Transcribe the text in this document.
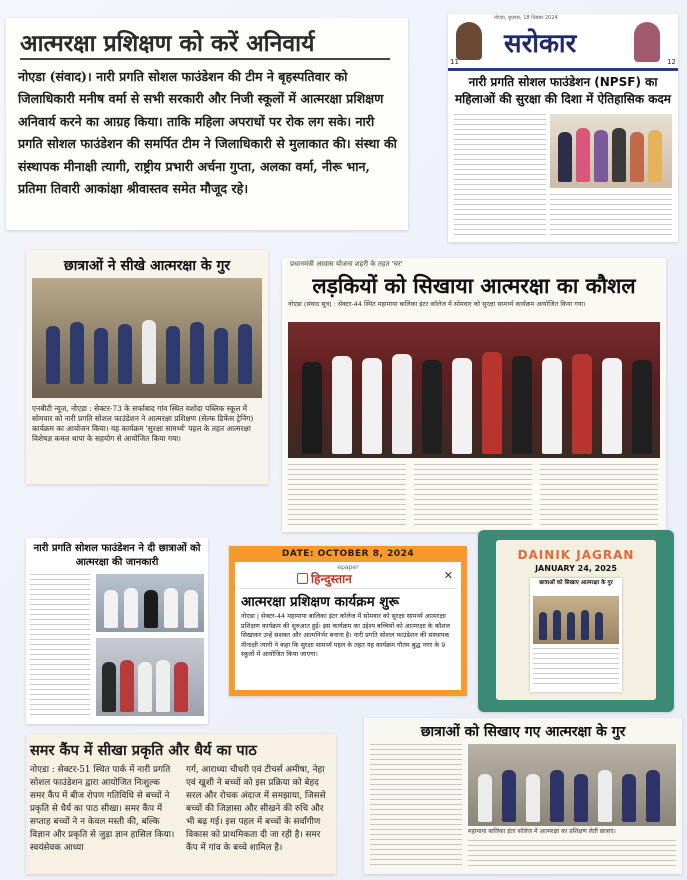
आत्मरक्षा प्रशिक्षण को करें अनिवार्य
नोएडा (संवाद)। नारी प्रगति सोशल फाउंडेशन की टीम ने बृहस्पतिवार को जिलाधिकारी मनीष वर्मा से सभी सरकारी और निजी स्कूलों में आत्मरक्षा प्रशिक्षण अनिवार्य करने का आग्रह किया। ताकि महिला अपराधों पर रोक लग सके। नारी प्रगति सोशल फाउंडेशन की समर्पित टीम ने जिलाधिकारी से मुलाकात की। संस्था की संस्थापक मीनाक्षी त्यागी, राष्ट्रीय प्रभारी अर्चना गुप्ता, अलका वर्मा, नीरू भान, प्रतिमा तिवारी आकांक्षा श्रीवास्तव समेत मौजूद रहे।
सरोकार
11	12
नोएडा, बुधवार, 18 दिसंबर 2024
नारी प्रगति सोशल फाउंडेशन (NPSF) का महिलाओं की सुरक्षा की दिशा में ऐतिहासिक कदम
छात्राओं ने सीखे आत्मरक्षा के गुर
एनबीटी न्यूज, नोएडा : सेक्टर-73 के सर्फाबाद गांव स्थित यशोदा पब्लिक स्कूल में सोमवार को नारी प्रगति सोशल फाउंडेशन ने आत्मरक्षा प्रशिक्षण (सेल्फ डिफेंस ट्रेनिंग) कार्यक्रम का आयोजन किया। यह कार्यक्रम 'सुरक्षा सामर्थ्य' पहल के तहत आत्मरक्षा विशेषज्ञ कमल थापा के सहयोग से आयोजित किया गया।
प्रधानमंत्री आवास योजना शहरी के तहत 'घर'
लड़कियों को सिखाया आत्मरक्षा का कौशल
नोएडा (संवाद सूत्र) : सेक्टर-44 स्थित महामाया बालिका इंटर कॉलेज में सोमवार को सुरक्षा सामर्थ्य कार्यक्रम आयोजित किया गया।
नारी प्रगति सोशल फाउंडेशन ने दी छात्राओं को आत्मरक्षा की जानकारी
DATE: OCTOBER 8, 2024
epaper
हिन्दुस्तान	✕
आत्मरक्षा प्रशिक्षण कार्यक्रम शुरू
नोएडा | सेक्टर-44 महामाया बालिका इंटर कॉलेज में सोमवार को सुरक्षा सामर्थ्य आत्मरक्षा प्रशिक्षण कार्यक्रम की शुरुआत हुई। इस कार्यक्रम का उद्देश्य बच्चियों को आत्मरक्षा के कौशल सिखाकर उन्हें सशक्त और आत्मनिर्भर बनाना है। नारी प्रगति सोशल फाउंडेशन की संस्थापक मीनाक्षी त्यागी ने कहा कि सुरक्षा सामर्थ्य पहल के तहत यह कार्यक्रम गौतम बुद्ध नगर के 9 स्कूलों में आयोजित किया जाएगा।
DAINIK JAGRAN
JANUARY 24, 2025
छात्राओं को सिखाए आत्मरक्षा के गुर
समर कैंप में सीखा प्रकृति और धैर्य का पाठ
नोएडा : सेक्टर-51 स्थित पार्क में नारी प्रगति सोशल फाउंडेशन द्वारा आयोजित निःशुल्क समर कैंप में बीज रोपण गतिविधि से बच्चों ने प्रकृति से धैर्य का पाठ सीखा। समर कैंप में सप्ताह बच्चों ने न केवल मस्ती की, बल्कि विज्ञान और प्रकृति से जुड़ा ज्ञान हासिल किया। स्वयंसेवक आध्या
गर्ग, आराध्या चौधरी एवं टीचर्स अमीषा, नेहा एवं खुशी ने बच्चों को इस प्रक्रिया को बेहद सरल और रोचक अंदाज में समझाया, जिससे बच्चों की जिज्ञासा और सीखने की रुचि और भी बढ़ गई। इस पहल में बच्चों के सर्वांगीण विकास को प्राथमिकता दी जा रही है। समर कैंप में गांव के बच्चे शामिल है।
छात्राओं को सिखाए गए आत्मरक्षा के गुर
महामाया बालिका इंटर कॉलेज में आत्मरक्षा का प्रशिक्षण लेतीं छात्राएं।
